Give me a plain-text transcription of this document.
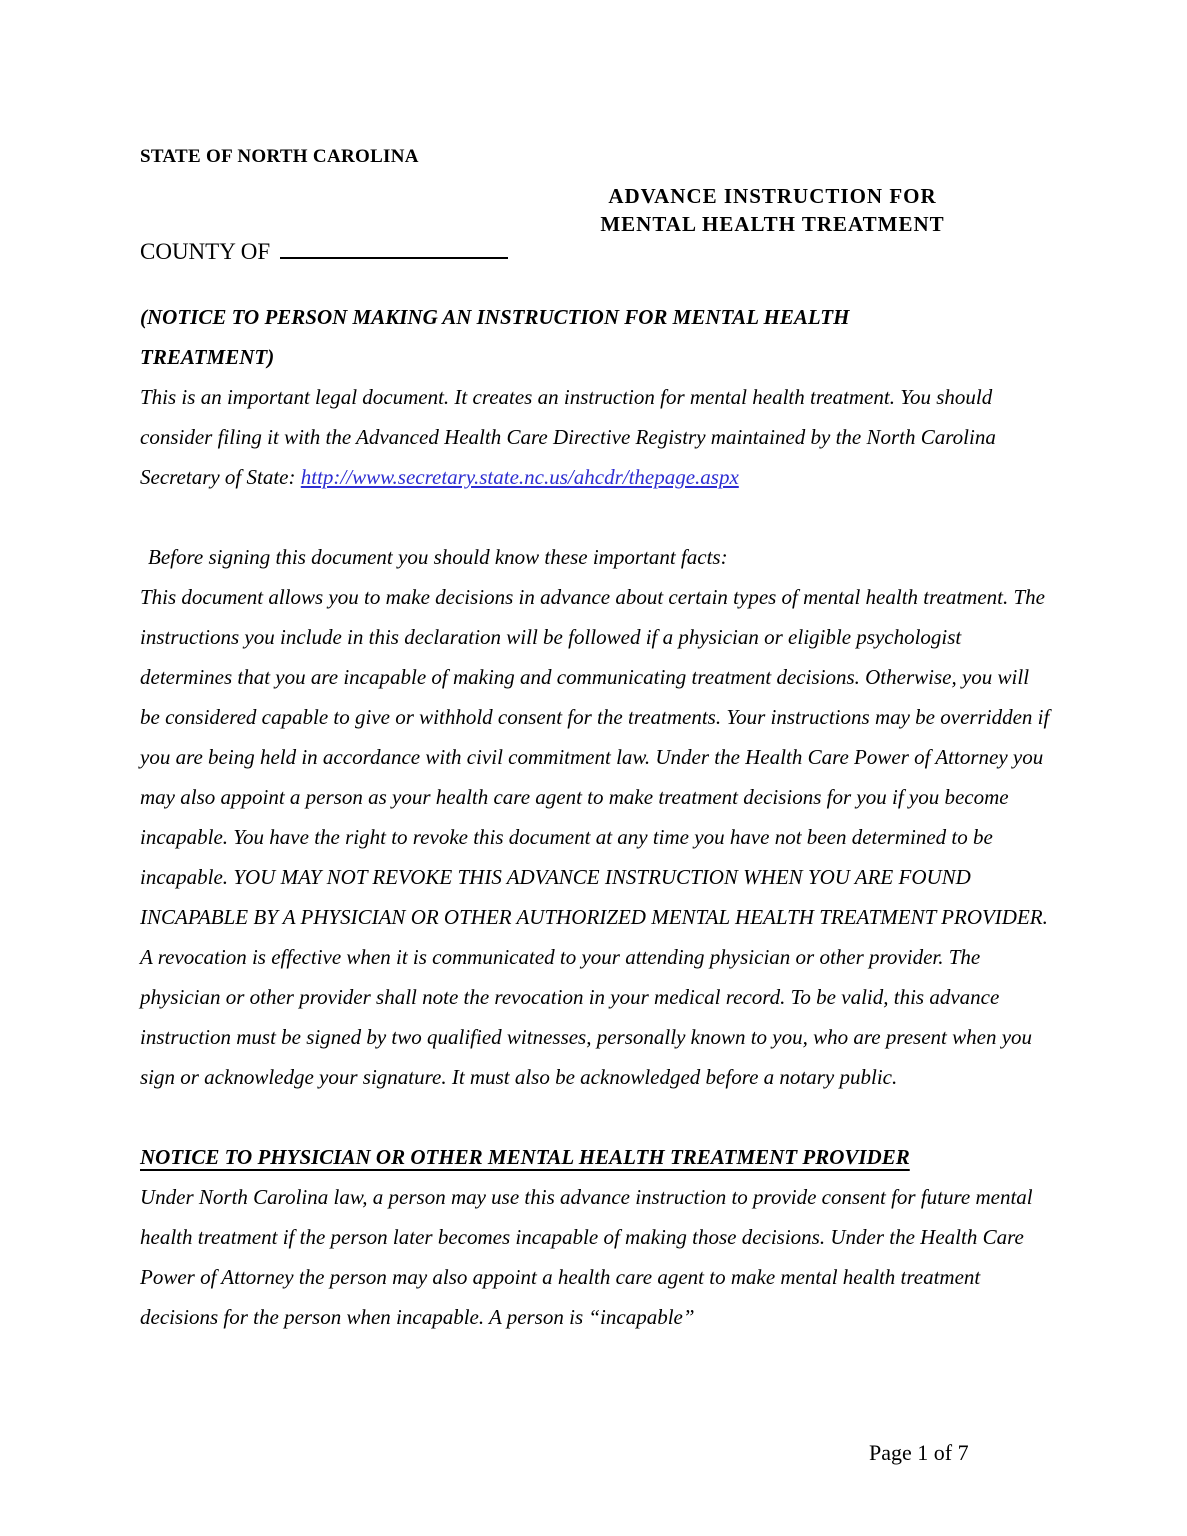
STATE OF NORTH CAROLINA
ADVANCE INSTRUCTION FOR
MENTAL HEALTH TREATMENT
COUNTY OF
(NOTICE TO PERSON MAKING AN INSTRUCTION FOR MENTAL HEALTH TREATMENT)

This is an important legal document. It creates an instruction for mental health treatment. You should consider filing it with the Advanced Health Care Directive Registry maintained by the North Carolina Secretary of State: http://www.secretary.state.nc.us/ahcdr/thepage.aspx

Before signing this document you should know these important facts:

This document allows you to make decisions in advance about certain types of mental health treatment. The instructions you include in this declaration will be followed if a physician or eligible psychologist determines that you are incapable of making and communicating treatment decisions. Otherwise, you will be considered capable to give or withhold consent for the treatments. Your instructions may be overridden if you are being held in accordance with civil commitment law. Under the Health Care Power of Attorney you may also appoint a person as your health care agent to make treatment decisions for you if you become incapable. You have the right to revoke this document at any time you have not been determined to be incapable. YOU MAY NOT REVOKE THIS ADVANCE INSTRUCTION WHEN YOU ARE FOUND INCAPABLE BY A PHYSICIAN OR OTHER AUTHORIZED MENTAL HEALTH TREATMENT PROVIDER. A revocation is effective when it is communicated to your attending physician or other provider. The physician or other provider shall note the revocation in your medical record. To be valid, this advance instruction must be signed by two qualified witnesses, personally known to you, who are present when you sign or acknowledge your signature. It must also be acknowledged before a notary public.

NOTICE TO PHYSICIAN OR OTHER MENTAL HEALTH TREATMENT PROVIDER

Under North Carolina law, a person may use this advance instruction to provide consent for future mental health treatment if the person later becomes incapable of making those decisions. Under the Health Care Power of Attorney the person may also appoint a health care agent to make mental health treatment decisions for the person when incapable. A person is “incapable”

Page 1 of 7
